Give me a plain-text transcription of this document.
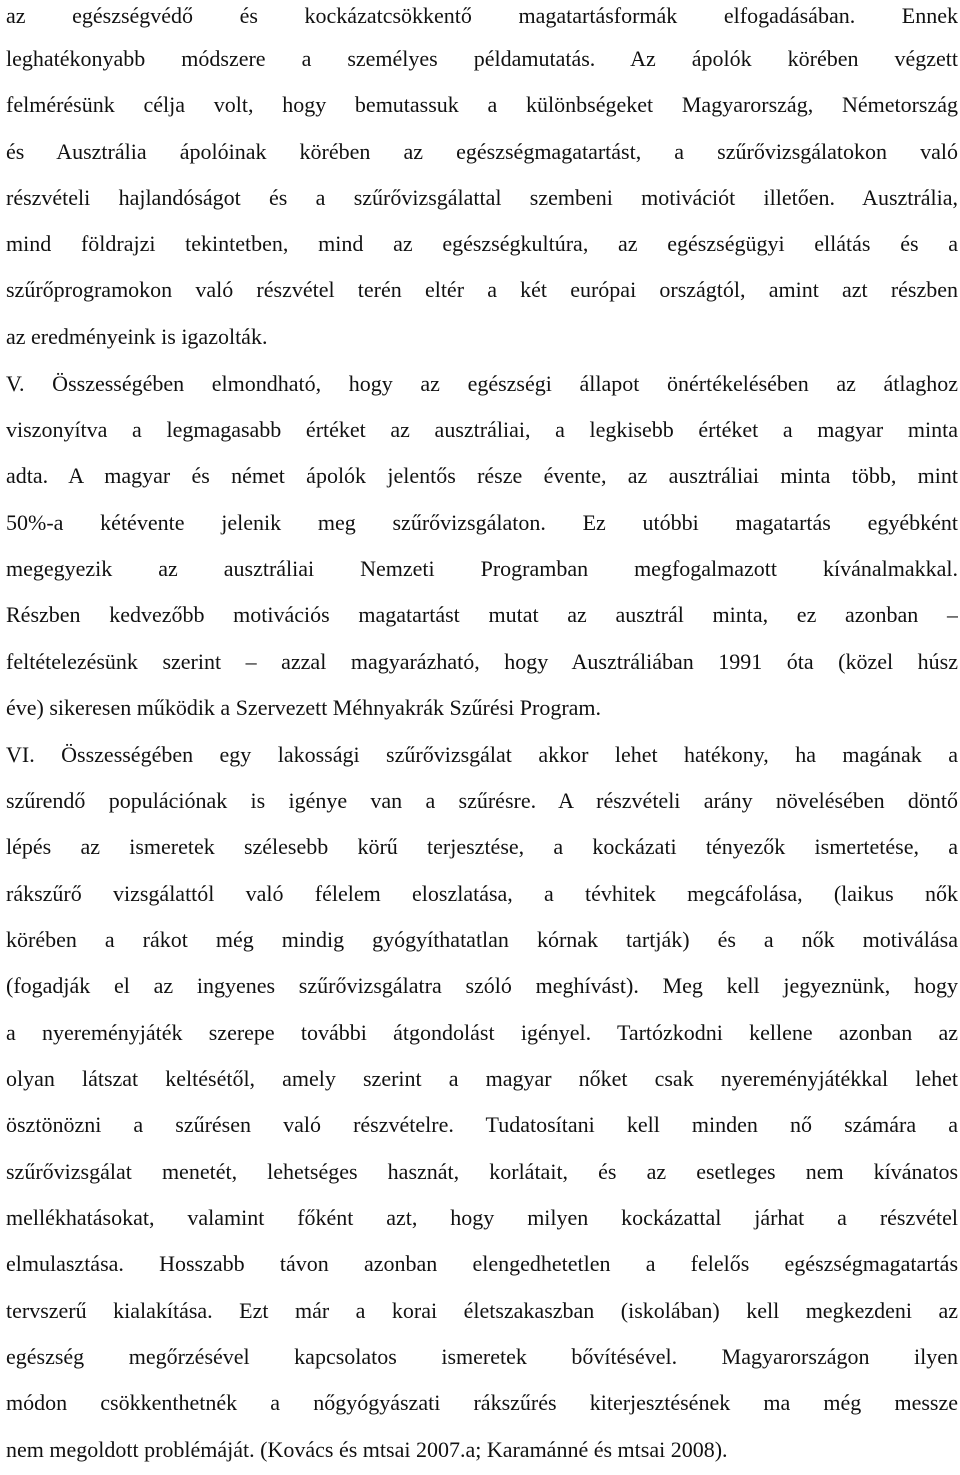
az egészségvédő és kockázatcsökkentő magatartásformák elfogadásában. Ennek
leghatékonyabb módszere a személyes példamutatás. Az ápolók körében végzett
felmérésünk célja volt, hogy bemutassuk a különbségeket Magyarország, Németország
és Ausztrália ápolóinak körében az egészségmagatartást, a szűrővizsgálatokon való
részvételi hajlandóságot és a szűrővizsgálattal szembeni motivációt illetően. Ausztrália,
mind földrajzi tekintetben, mind az egészségkultúra, az egészségügyi ellátás és a
szűrőprogramokon való részvétel terén eltér a két európai országtól, amint azt részben
az eredményeink is igazolták.
V. Összességében elmondható, hogy az egészségi állapot önértékelésében az átlaghoz
viszonyítva a legmagasabb értéket az ausztráliai, a legkisebb értéket a magyar minta
adta. A magyar és német ápolók jelentős része évente, az ausztráliai minta több, mint
50%-a kétévente jelenik meg szűrővizsgálaton. Ez utóbbi magatartás egyébként
megegyezik az ausztráliai Nemzeti Programban megfogalmazott kívánalmakkal.
Részben kedvezőbb motivációs magatartást mutat az ausztrál minta, ez azonban –
feltételezésünk szerint – azzal magyarázható, hogy Ausztráliában 1991 óta (közel húsz
éve) sikeresen működik a Szervezett Méhnyakrák Szűrési Program.
VI. Összességében egy lakossági szűrővizsgálat akkor lehet hatékony, ha magának a
szűrendő populációnak is igénye van a szűrésre. A részvételi arány növelésében döntő
lépés az ismeretek szélesebb körű terjesztése, a kockázati tényezők ismertetése, a
rákszűrő vizsgálattól való félelem eloszlatása, a tévhitek megcáfolása, (laikus nők
körében a rákot még mindig gyógyíthatatlan kórnak tartják) és a nők motiválása
(fogadják el az ingyenes szűrővizsgálatra szóló meghívást). Meg kell jegyeznünk, hogy
a nyereményjáték szerepe további átgondolást igényel. Tartózkodni kellene azonban az
olyan látszat keltésétől, amely szerint a magyar nőket csak nyereményjátékkal lehet
ösztönözni a szűrésen való részvételre. Tudatosítani kell minden nő számára a
szűrővizsgálat menetét, lehetséges hasznát, korlátait, és az esetleges nem kívánatos
mellékhatásokat, valamint főként azt, hogy milyen kockázattal járhat a részvétel
elmulasztása. Hosszabb távon azonban elengedhetetlen a felelős egészségmagatartás
tervszerű kialakítása. Ezt már a korai életszakaszban (iskolában) kell megkezdeni az
egészség megőrzésével kapcsolatos ismeretek bővítésével. Magyarországon ilyen
módon csökkenthetnék a nőgyógyászati rákszűrés kiterjesztésének ma még messze
nem megoldott problémáját. (Kovács és mtsai 2007.a; Karamánné és mtsai 2008).
